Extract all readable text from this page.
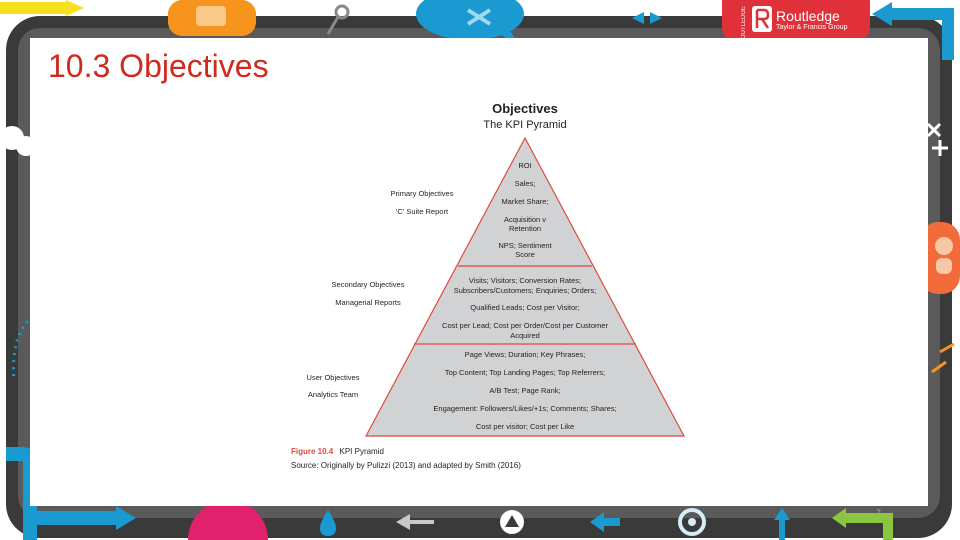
10.3 Objectives
Routledge
Taylor & Francis Group
ROUTLEDGE
Objectives
The KPI Pyramid
ROI
Sales;
Market Share;
Acquisition v
Retention
NPS; Sentiment
Score
Visits; Visitors; Conversion Rates;
Subscribers/Customers; Enquiries; Orders;
Qualified Leads; Cost per Visitor;
Cost per Lead; Cost per Order/Cost per Customer
Acquired
Page Views; Duration; Key Phrases;
Top Content; Top Landing Pages; Top Referrers;
A/B Test; Page Rank;
Engagement: Followers/Likes/+1s; Comments; Shares;
Cost per visitor; Cost per Like
Primary Objectives
'C' Suite Report
Secondary Objectives
Managerial Reports
User Objectives
Analytics Team
Figure 10.4 KPI Pyramid
Source: Originally by Pulizzi (2013) and adapted by Smith (2016)
7
